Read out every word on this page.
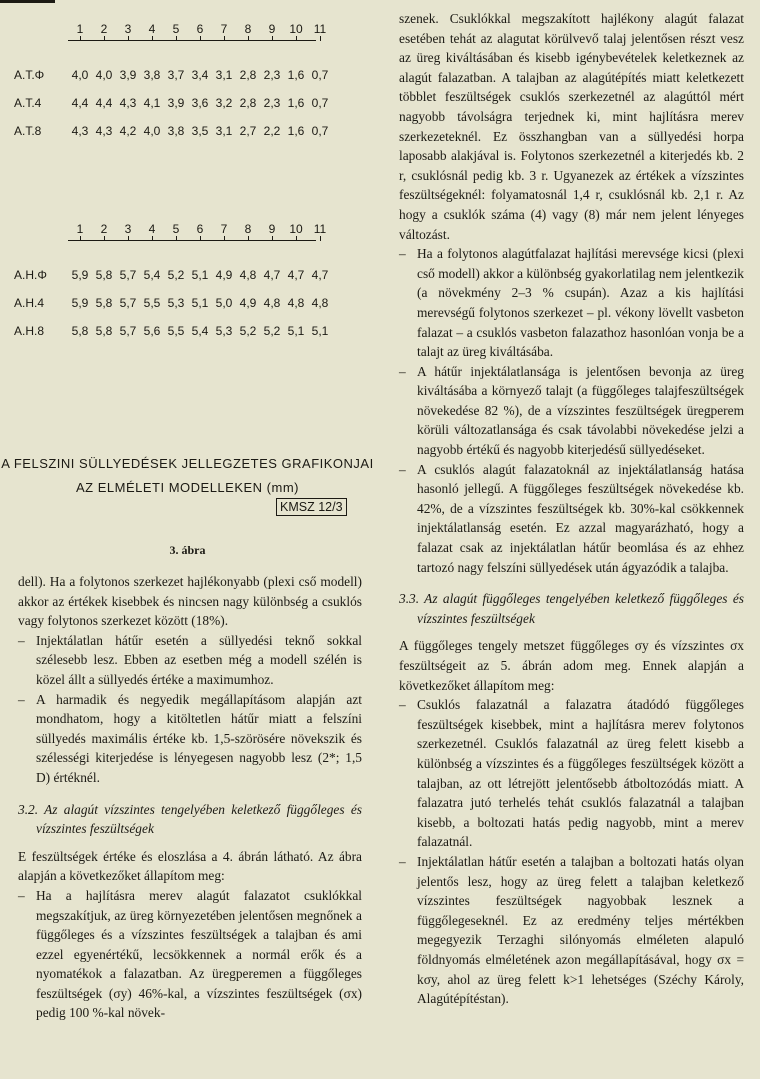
1	2	3	4	5	6	7	8	9	10 11
A.T.Φ	4,0 4,0 3,9 3,8 3,7 3,4 3,1 2,8 2,3 1,6 0,7
A.T.4	4,4 4,4 4,3 4,1 3,9 3,6 3,2 2,8 2,3 1,6 0,7
A.T.8	4,3 4,3 4,2 4,0 3,8 3,5 3,1 2,7 2,2 1,6 0,7
1	2	3	4	5	6	7	8	9	10 11
A.H.Φ	5,9 5,8 5,7 5,4 5,2 5,1 4,9 4,8 4,7 4,7 4,7
A.H.4	5,9 5,8 5,7 5,5 5,3 5,1 5,0 4,9 4,8 4,8 4,8
A.H.8	5,8 5,8 5,7 5,6 5,5 5,4 5,3 5,2 5,2 5,1 5,1
A FELSZINI SÜLLYEDÉSEK JELLEGZETES GRAFIKONJAI
AZ ELMÉLETI MODELLEKEN (mm)
KMSZ 12/3
3. ábra

dell). Ha a folytonos szerkezet hajlékonyabb (plexi cső modell) akkor az értékek kisebbek és nincsen nagy különbség a csuklós vagy folytonos szerkezet között (18%).

– Injektálatlan hátűr esetén a süllyedési teknő sokkal szélesebb lesz. Ebben az esetben még a modell szélén is közel állt a süllyedés értéke a maximumhoz.

– A harmadik és negyedik megállapításom alapján azt mondhatom, hogy a kitöltetlen hátűr miatt a felszíni süllyedés maximális értéke kb. 1,5-szörösére növekszik és szélességi kiterjedése is lényegesen nagyobb lesz (2*; 1,5 D) értéknél.

3.2. Az alagút vízszintes tengelyében keletkező függőleges és vízszintes feszültségek

E feszültségek értéke és eloszlása a 4. ábrán látható. Az ábra alapján a következőket állapítom meg:

– Ha a hajlításra merev alagút falazatot csuklókkal megszakítjuk, az üreg környezetében jelentősen megnőnek a függőleges és a vízszintes feszültségek a talajban és ami ezzel egyenértékű, lecsökkennek a normál erők és a nyomatékok a falazatban. Az üregperemen a függőleges feszültségek (σy) 46%-kal, a vízszintes feszültségek (σx) pedig 100 %-kal növek-

szenek. Csuklókkal megszakított hajlékony alagút falazat esetében tehát az alagutat körülvevő talaj jelentősen részt vesz az üreg kiváltásában és kisebb igénybevételek keletkeznek az alagút falazatban. A talajban az alagútépítés miatt keletkezett többlet feszültségek csuklós szerkezetnél az alagúttól mért nagyobb távolságra terjednek ki, mint hajlításra merev szerkezeteknél. Ez összhangban van a süllyedési horpa laposabb alakjával is. Folytonos szerkezetnél a kiterjedés kb. 2 r, csuklósnál pedig kb. 3 r. Ugyanezek az értékek a vízszintes feszültségeknél: folyamatosnál 1,4 r, csuklósnál kb. 2,1 r. Az hogy a csuklók száma (4) vagy (8) már nem jelent lényeges változást.

– Ha a folytonos alagútfalazat hajlítási merevsége kicsi (plexi cső modell) akkor a különbség gyakorlatilag nem jelentkezik (a növekmény 2–3 % csupán). Azaz a kis hajlítási merevségű folytonos szerkezet – pl. vékony lövellt vasbeton falazat – a csuklós vasbeton falazathoz hasonlóan vonja be a talajt az üreg kiváltásába.

– A hátűr injektálatlansága is jelentősen bevonja az üreg kiváltásába a környező talajt (a függőleges talajfeszültségek növekedése 82 %), de a vízszintes feszültségek üregperem körüli változatlansága és csak távolabbi növekedése jelzi a nagyobb értékű és nagyobb kiterjedésű süllyedéseket.

– A csuklós alagút falazatoknál az injektálatlanság hatása hasonló jellegű. A függőleges feszültségek növekedése kb. 42%, de a vízszintes feszültségek kb. 30%-kal csökkennek injektálatlanság esetén. Ez azzal magyarázható, hogy a falazat csak az injektálatlan hátűr beomlása és az ehhez tartozó nagy felszíni süllyedések után ágyazódik a talajba.

3.3. Az alagút függőleges tengelyében keletkező függőleges és vízszintes feszültségek

A függőleges tengely metszet függőleges σy és vízszintes σx feszültségeit az 5. ábrán adom meg. Ennek alapján a következőket állapítom meg:

– Csuklós falazatnál a falazatra átadódó függőleges feszültségek kisebbek, mint a hajlításra merev folytonos szerkezetnél. Csuklós falazatnál az üreg felett kisebb a különbség a vízszintes és a függőleges feszültségek között a talajban, az ott létrejött jelentősebb átboltozódás miatt. A falazatra jutó terhelés tehát csuklós falazatnál a talajban kisebb, a boltozati hatás pedig nagyobb, mint a merev falazatnál.

– Injektálatlan hátűr esetén a talajban a boltozati hatás olyan jelentős lesz, hogy az üreg felett a talajban keletkező vízszintes feszültségek nagyobbak lesznek a függőlegeseknél. Ez az eredmény teljes mértékben megegyezik Terzaghi silónyomás elméleten alapuló földnyomás elméletének azon megállapításával, hogy σx = kσy, ahol az üreg felett k>1 lehetséges (Széchy Károly, Alagútépítéstan).
